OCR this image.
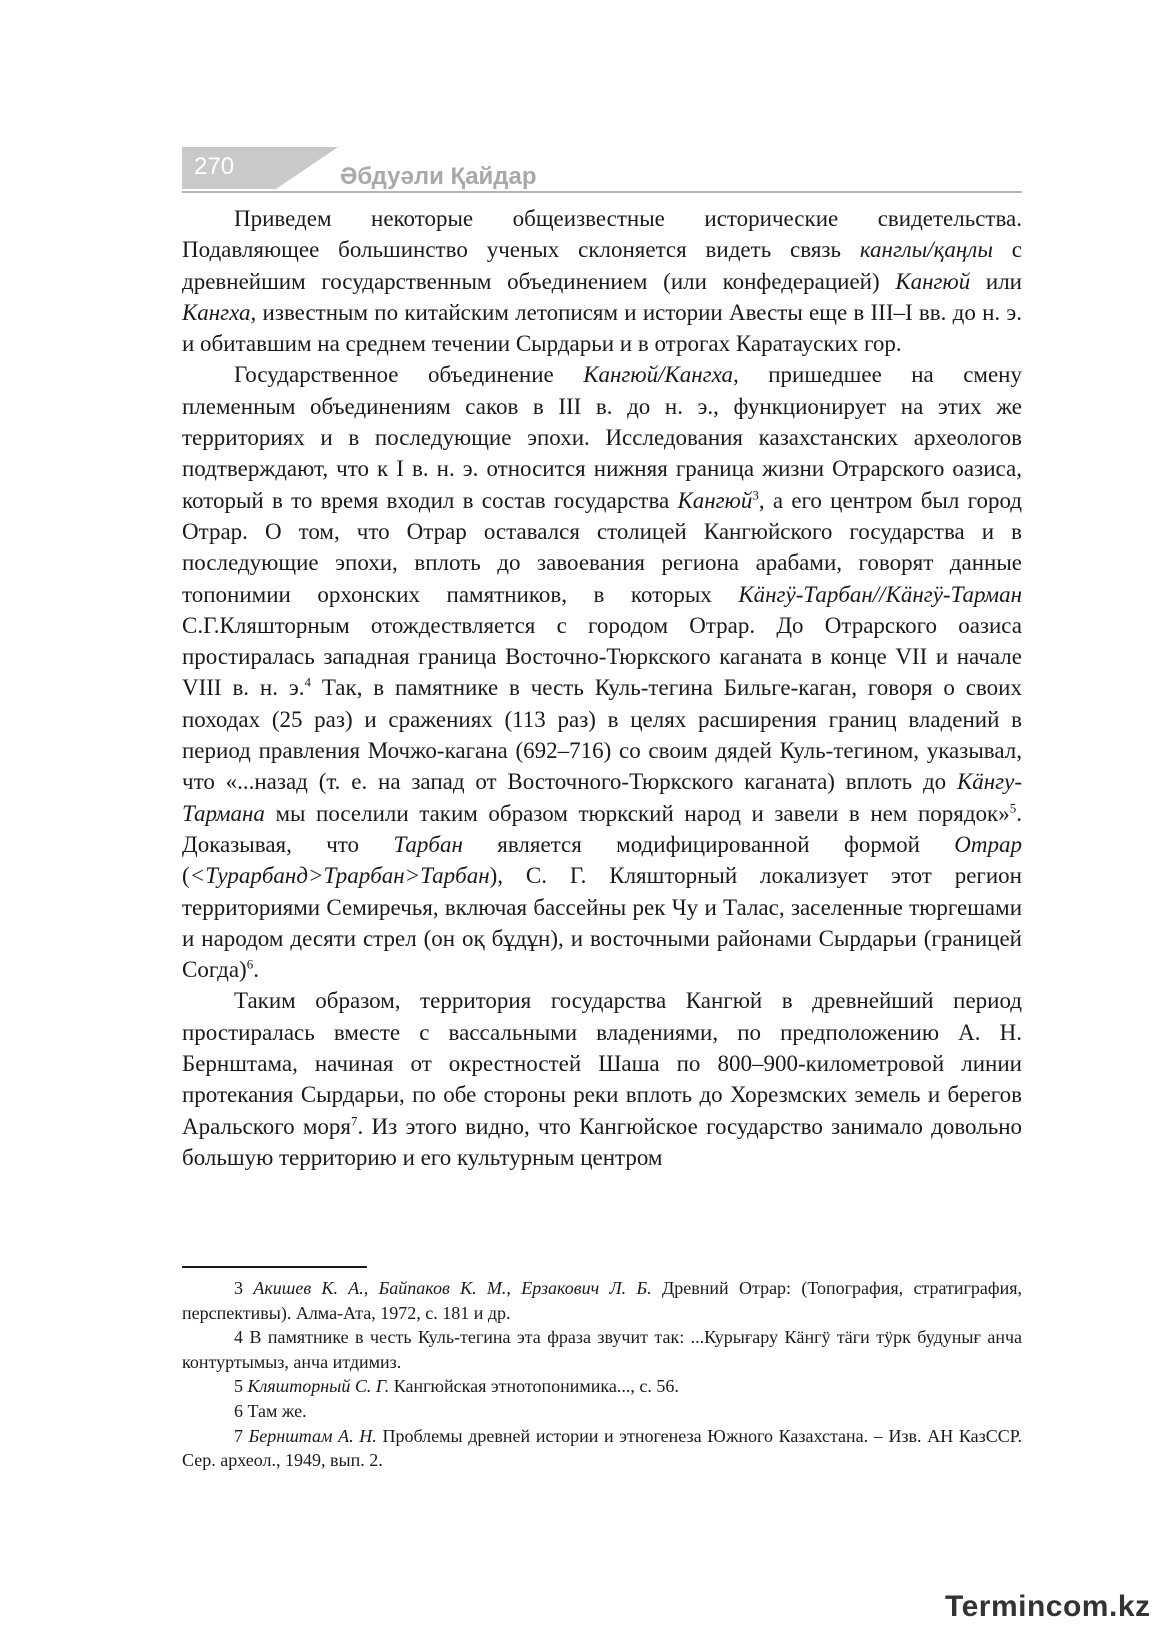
270	Әбдуәли Қайдар

Приведем некоторые общеизвестные исторические свидетельства. Подавляющее большинство ученых склоняется видеть связь канглы/қаңлы с древнейшим государственным объединением (или конфедерацией) Кангюй или Кангха, известным по китайским летописям и истории Авесты еще в III–I вв. до н. э. и обитавшим на среднем течении Сырдарьи и в отрогах Каратауских гор.

Государственное объединение Кангюй/Кангха, пришедшее на смену племенным объединениям саков в III в. до н. э., функционирует на этих же территориях и в последующие эпохи. Исследования казахстанских археологов подтверждают, что к I в. н. э. относится нижняя граница жизни Отрарского оазиса, который в то время входил в состав государства Кангюй$^3$, а его центром был город Отрар. О том, что Отрар оставался столицей Кангюйского государства и в последующие эпохи, вплоть до завоевания региона арабами, говорят данные топонимии орхонских памятников, в которых Кӓнгӱ-Тарбан//Кӓнгӱ-Тарман С.Г.Кляшторным отождествляется с городом Отрар. До Отрарского оазиса простиралась западная граница Восточно-Тюркского каганата в конце VII и начале VIII в. н. э.$^4$ Так, в памятнике в честь Куль-тегина Бильге-каган, говоря о своих походах (25 раз) и сражениях (113 раз) в целях расширения границ владений в период правления Мочжо-кагана (692–716) со своим дядей Куль-тегином, указывал, что «...назад (т. е. на запад от Восточного-Тюркского каганата) вплоть до Кӓнгу-Тармана мы поселили таким образом тюркский народ и завели в нем порядок»$^5$. Доказывая, что Тарбан является модифицированной формой Отрар (<Турарбанд>Трарбан>Тарбан), С. Г. Кляшторный локализует этот регион территориями Семиречья, включая бассейны рек Чу и Талас, заселенные тюргешами и народом десяти стрел (он оқ бұдұн), и восточными районами Сырдарьи (границей Согда)$^6$.

Таким образом, территория государства Кангюй в древнейший период простиралась вместе с вассальными владениями, по предположению А. Н. Бернштама, начиная от окрестностей Шаша по 800–900-километровой линии протекания Сырдарьи, по обе стороны реки вплоть до Хорезмских земель и берегов Аральского моря$^7$. Из этого видно, что Кангюйское государство занимало довольно большую территорию и его культурным центром

3 Акишев К. А., Байпаков К. М., Ерзакович Л. Б. Древний Отрар: (Топография, стратиграфия, перспективы). Алма-Ата, 1972, с. 181 и др.

4 В памятнике в честь Куль-тегина эта фраза звучит так: ...Курығару Кӓнгӱ тӓги тӱрк будунығ анча контуртымыз, анча итдимиз.

5 Кляшторный С. Г. Кангюйская этнотопонимика..., с. 56.

6 Там же.

7 Бернштам А. Н. Проблемы древней истории и этногенеза Южного Казахстана. – Изв. АН КазССР. Сер. археол., 1949, вып. 2.

Termincom.kz
